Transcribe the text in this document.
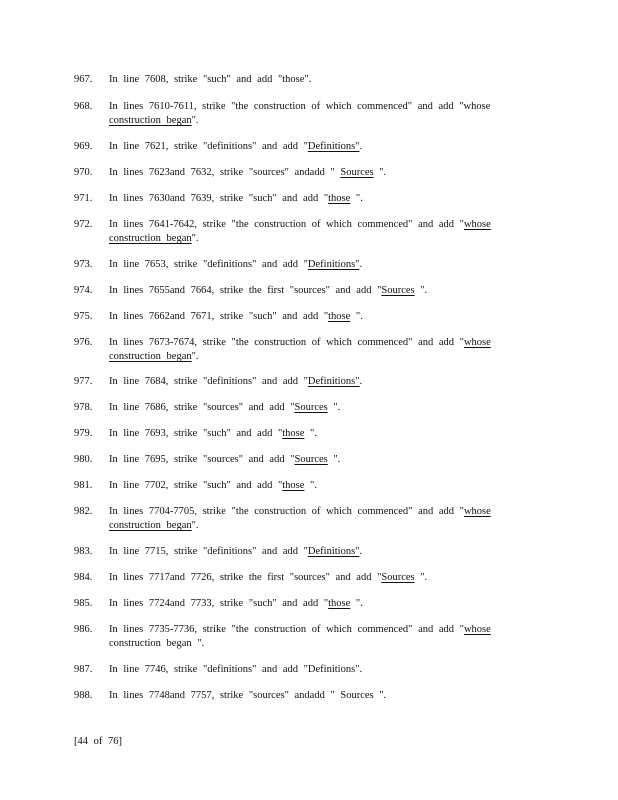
967.	In line 7608, strike "such" and add "those".
968.	In lines 7610-7611, strike "the construction of which commenced" and add "whose
construction began".
969.	In line 7621, strike "definitions" and add "Definitions".
970.	In lines 7623and 7632, strike "sources" andadd " Sources ".
971.	In lines 7630and 7639, strike "such" and add "those ".
972.	In lines 7641-7642, strike "the construction of which commenced" and add "whose
construction began".
973.	In line 7653, strike "definitions" and add "Definitions".
974.	In lines 7655and 7664, strike the first "sources" and add "Sources ".
975.	In lines 7662and 7671, strike "such" and add "those ".
976.	In lines 7673-7674, strike "the construction of which commenced" and add "whose
construction began".
977.	In line 7684, strike "definitions" and add "Definitions".
978.	In line 7686, strike "sources" and add "Sources ".
979.	In line 7693, strike "such" and add "those ".
980.	In line 7695, strike "sources" and add "Sources ".
981.	In line 7702, strike "such" and add "those ".
982.	In lines 7704-7705, strike "the construction of which commenced" and add "whose
construction began".
983.	In line 7715, strike "definitions" and add "Definitions".
984.	In lines 7717and 7726, strike the first "sources" and add "Sources ".
985.	In lines 7724and 7733, strike "such" and add "those ".
986.	In lines 7735-7736, strike "the construction of which commenced" and add "whose
construction began ".
987.	In line 7746, strike "definitions" and add "Definitions".
988.	In lines 7748and 7757, strike "sources" andadd " Sources ".
[44 of 76]
